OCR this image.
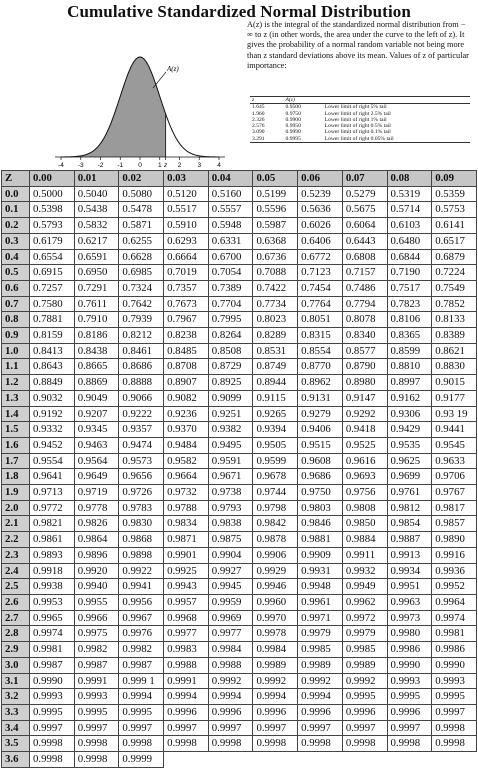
Cumulative Standardized Normal Distribution
A(z)
-4 -3 -2 -1 0 1 z 2 3 4

A(z) is the integral of the standardized normal distribution from − ∞ to z (in other words, the area under the curve to the left of z). It gives the probability of a normal random variable not being more than z standard deviations above its mean. Values of z of particular importance:

z	A(z)	
1.645	0.9500	Lower limit of right 5% tail
1.960	0.9750	Lower limit of right 2.5% tail
2.326	0.9900	Lower limit of right 1% tail
2.576	0.9950	Lower limit of right 0.5% tail
3.090	0.9990	Lower limit of right 0.1% tail
3.291	0.9995	Lower limit of right 0.05% tail
Z	0.00	0.01	0.02	0.03	0.04	0.05	0.06	0.07	0.08	0.09
0.0	0.5000	0.5040	0.5080	0.5120	0.5160	0.5199	0.5239	0.5279	0.5319	0.5359
0.1	0.5398	0.5438	0.5478	0.5517	0.5557	0.5596	0.5636	0.5675	0.5714	0.5753
0.2	0.5793	0.5832	0.5871	0.5910	0.5948	0.5987	0.6026	0.6064	0.6103	0.6141
0.3	0.6179	0.6217	0.6255	0.6293	0.6331	0.6368	0.6406	0.6443	0.6480	0.6517
0.4	0.6554	0.6591	0.6628	0.6664	0.6700	0.6736	0.6772	0.6808	0.6844	0.6879
0.5	0.6915	0.6950	0.6985	0.7019	0.7054	0.7088	0.7123	0.7157	0.7190	0.7224
0.6	0.7257	0.7291	0.7324	0.7357	0.7389	0.7422	0.7454	0.7486	0.7517	0.7549
0.7	0.7580	0.7611	0.7642	0.7673	0.7704	0.7734	0.7764	0.7794	0.7823	0.7852
0.8	0.7881	0.7910	0.7939	0.7967	0.7995	0.8023	0.8051	0.8078	0.8106	0.8133
0.9	0.8159	0.8186	0.8212	0.8238	0.8264	0.8289	0.8315	0.8340	0.8365	0.8389
1.0	0.8413	0.8438	0.8461	0.8485	0.8508	0.8531	0.8554	0.8577	0.8599	0.8621
1.1	0.8643	0.8665	0.8686	0.8708	0.8729	0.8749	0.8770	0.8790	0.8810	0.8830
1.2	0.8849	0.8869	0.8888	0.8907	0.8925	0.8944	0.8962	0.8980	0.8997	0.9015
1.3	0.9032	0.9049	0.9066	0.9082	0.9099	0.9115	0.9131	0.9147	0.9162	0.9177
1.4	0.9192	0.9207	0.9222	0.9236	0.9251	0.9265	0.9279	0.9292	0.9306	0.93 19
1.5	0.9332	0.9345	0.9357	0.9370	0.9382	0.9394	0.9406	0.9418	0.9429	0.9441
1.6	0.9452	0.9463	0.9474	0.9484	0.9495	0.9505	0.9515	0.9525	0.9535	0.9545
1.7	0.9554	0.9564	0.9573	0.9582	0.9591	0.9599	0.9608	0.9616	0.9625	0.9633
1.8	0.9641	0.9649	0.9656	0.9664	0.9671	0.9678	0.9686	0.9693	0.9699	0.9706
1.9	0.9713	0.9719	0.9726	0.9732	0.9738	0.9744	0.9750	0.9756	0.9761	0.9767
2.0	0.9772	0.9778	0.9783	0.9788	0.9793	0.9798	0.9803	0.9808	0.9812	0.9817
2.1	0.9821	0.9826	0.9830	0.9834	0.9838	0.9842	0.9846	0.9850	0.9854	0.9857
2.2	0.9861	0.9864	0.9868	0.9871	0.9875	0.9878	0.9881	0.9884	0.9887	0.9890
2.3	0.9893	0.9896	0.9898	0.9901	0.9904	0.9906	0.9909	0.9911	0.9913	0.9916
2.4	0.9918	0.9920	0.9922	0.9925	0.9927	0.9929	0.9931	0.9932	0.9934	0.9936
2.5	0.9938	0.9940	0.9941	0.9943	0.9945	0.9946	0.9948	0.9949	0.9951	0.9952
2.6	0.9953	0.9955	0.9956	0.9957	0.9959	0.9960	0.9961	0.9962	0.9963	0.9964
2.7	0.9965	0.9966	0.9967	0.9968	0.9969	0.9970	0.9971	0.9972	0.9973	0.9974
2.8	0.9974	0.9975	0.9976	0.9977	0.9977	0.9978	0.9979	0.9979	0.9980	0.9981
2.9	0.9981	0.9982	0.9982	0.9983	0.9984	0.9984	0.9985	0.9985	0.9986	0.9986
3.0	0.9987	0.9987	0.9987	0.9988	0.9988	0.9989	0.9989	0.9989	0.9990	0.9990
3.1	0.9990	0.9991	0.999 1	0.9991	0.9992	0.9992	0.9992	0.9992	0.9993	0.9993
3.2	0.9993	0.9993	0.9994	0.9994	0.9994	0.9994	0.9994	0.9995	0.9995	0.9995
3.3	0.9995	0.9995	0.9995	0.9996	0.9996	0.9996	0.9996	0.9996	0.9996	0.9997
3.4	0.9997	0.9997	0.9997	0.9997	0.9997	0.9997	0.9997	0.9997	0.9997	0.9998
3.5	0.9998	0.9998	0.9998	0.9998	0.9998	0.9998	0.9998	0.9998	0.9998	0.9998
3.6	0.9998	0.9998	0.9999							
